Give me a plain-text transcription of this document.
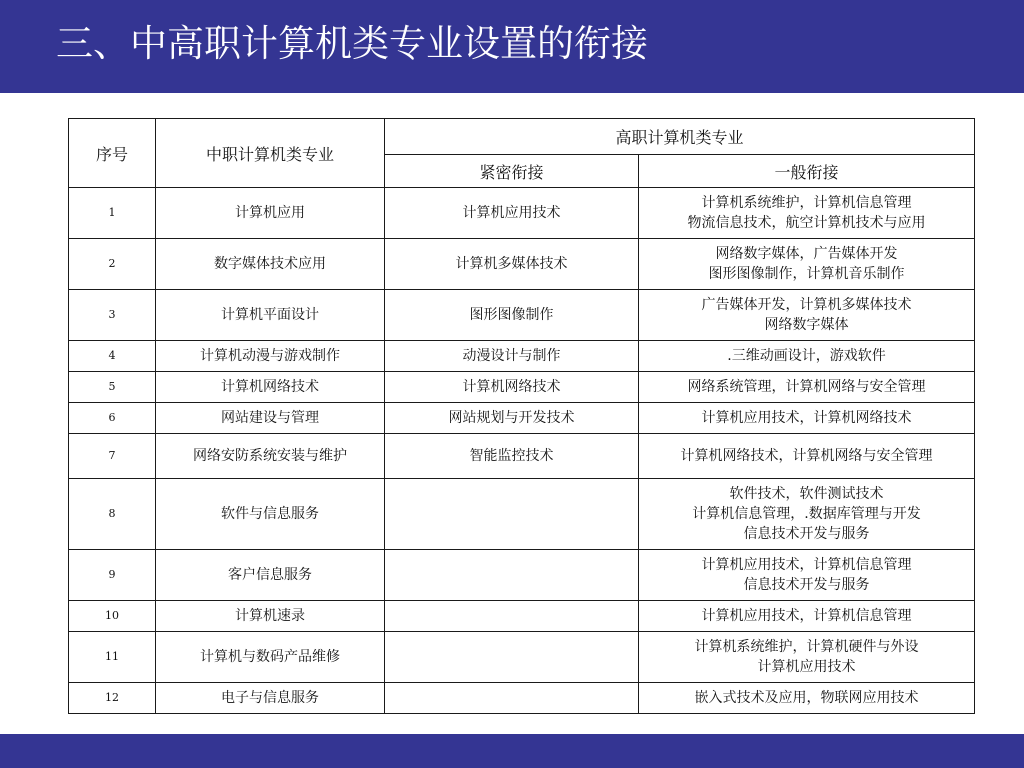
三、中高职计算机类专业设置的衔接
序号	中职计算机类专业	高职计算机类专业	
		紧密衔接	一般衔接
1	计算机应用	计算机应用技术	计算机系统维护，计算机信息管理
物流信息技术，航空计算机技术与应用

2	数字媒体技术应用	计算机多媒体技术	网络数字媒体，广告媒体开发
图形图像制作，计算机音乐制作

3	计算机平面设计	图形图像制作	广告媒体开发，计算机多媒体技术
网络数字媒体

4	计算机动漫与游戏制作	动漫设计与制作	.三维动画设计，游戏软件

5	计算机网络技术	计算机网络技术	网络系统管理，计算机网络与安全管理

6	网站建设与管理	网站规划与开发技术	计算机应用技术，计算机网络技术

7	网络安防系统安装与维护	智能监控技术	计算机网络技术，计算机网络与安全管理

8	软件与信息服务		软件技术，软件测试技术
计算机信息管理，.数据库管理与开发
信息技术开发与服务

9	客户信息服务		计算机应用技术，计算机信息管理
信息技术开发与服务

10	计算机速录		计算机应用技术，计算机信息管理

11	计算机与数码产品维修		计算机系统维护，计算机硬件与外设
计算机应用技术

12	电子与信息服务		嵌入式技术及应用，物联网应用技术
